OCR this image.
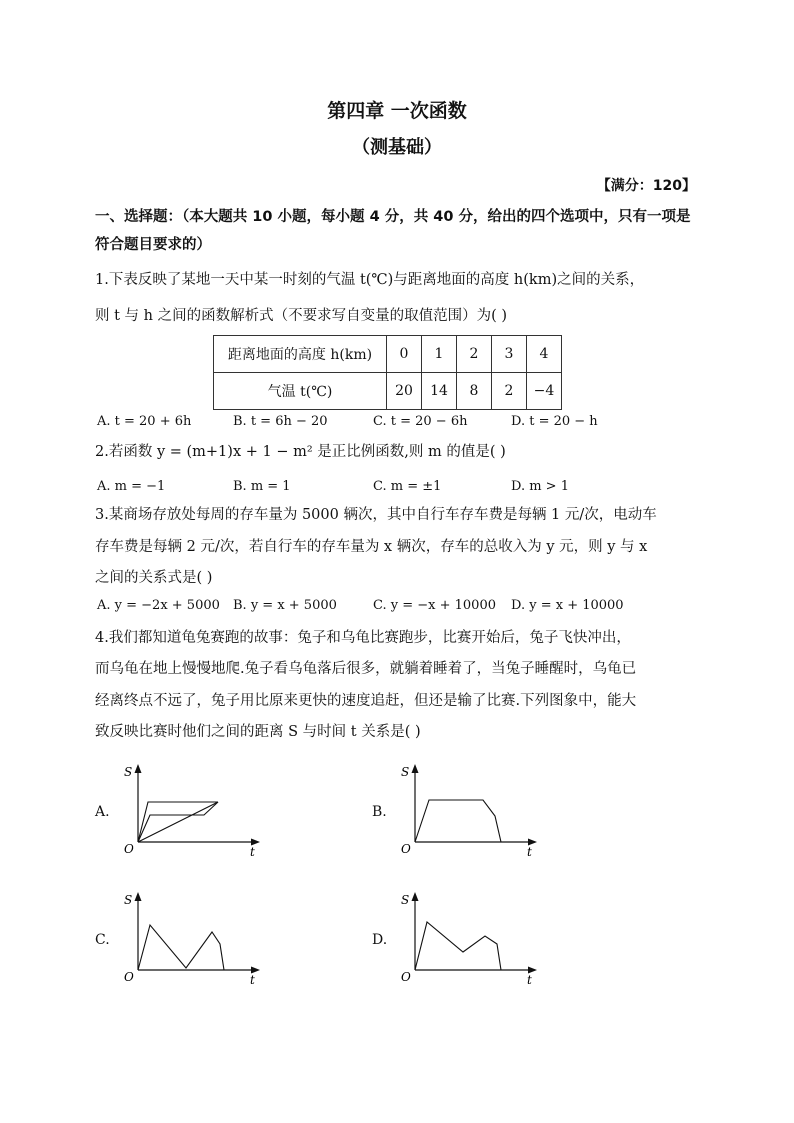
第四章 一次函数
（测基础）
【满分：120】
一、选择题：（本大题共 10 小题，每小题 4 分，共 40 分，给出的四个选项中，只有一项是符合题目要求的）
1.下表反映了某地一天中某一时刻的气温 t(℃)与距离地面的高度 h(km)之间的关系，
则 t 与 h 之间的函数解析式（不要求写自变量的取值范围）为( )
距离地面的高度 h(km)	0	1	2	3	4
气温 t(℃)	20	14	8	2	−4
A. t = 20 + 6h	B. t = 6h − 20	C. t = 20 − 6h	D. t = 20 − h
2.若函数 y = (m+1)x + 1 − m² 是正比例函数,则 m 的值是( )
A. m = −1	B. m = 1	C. m = ±1	D. m > 1
3.某商场存放处每周的存车量为 5000 辆次，其中自行车存车费是每辆 1 元/次，电动车
存车费是每辆 2 元/次，若自行车的存车量为 x 辆次，存车的总收入为 y 元，则 y 与 x
之间的关系式是( )
A. y = −2x + 5000 B. y = x + 5000	C. y = −x + 10000 D. y = x + 10000
4.我们都知道龟兔赛跑的故事：兔子和乌龟比赛跑步，比赛开始后，兔子飞快冲出，
而乌龟在地上慢慢地爬.兔子看乌龟落后很多，就躺着睡着了，当兔子睡醒时，乌龟已
经离终点不远了，兔子用比原来更快的速度追赶，但还是输了比赛.下列图象中，能大
致反映比赛时他们之间的距离 S 与时间 t 关系是( )
A.
S
t
O
B.
S
t
O
C.
S
t
O
D.
S
t
O
